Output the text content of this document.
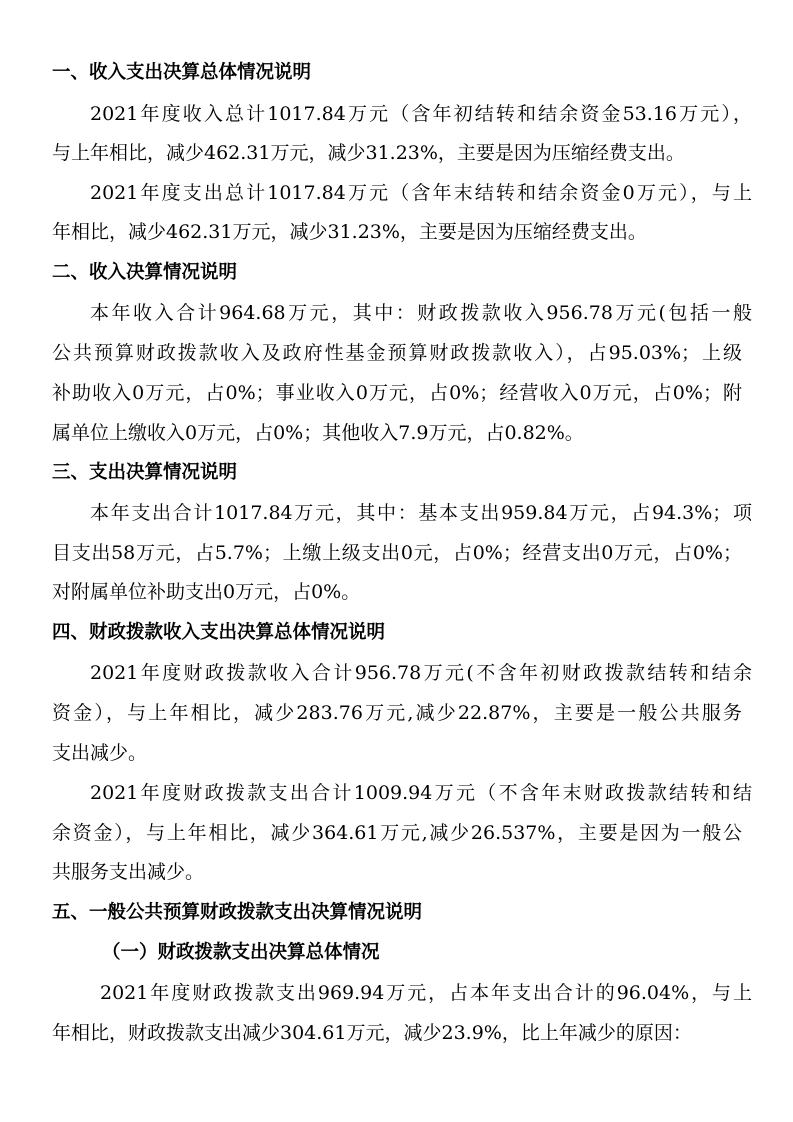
一、收入支出决算总体情况说明
2021年度收入总计1017.84万元（含年初结转和结余资金53.16万元），
与上年相比，减少462.31万元，减少31.23%，主要是因为压缩经费支出。
2021年度支出总计1017.84万元（含年末结转和结余资金0万元），与上
年相比，减少462.31万元，减少31.23%，主要是因为压缩经费支出。
二、收入决算情况说明
本年收入合计964.68万元，其中：财政拨款收入956.78万元(包括一般
公共预算财政拨款收入及政府性基金预算财政拨款收入），占95.03%；上级
补助收入0万元，占0%；事业收入0万元，占0%；经营收入0万元，占0%；附
属单位上缴收入0万元，占0%；其他收入7.9万元，占0.82%。
三、支出决算情况说明
本年支出合计1017.84万元，其中：基本支出959.84万元，占94.3%；项
目支出58万元，占5.7%；上缴上级支出0元，占0%；经营支出0万元，占0%；
对附属单位补助支出0万元，占0%。
四、财政拨款收入支出决算总体情况说明
2021年度财政拨款收入合计956.78万元(不含年初财政拨款结转和结余
资金），与上年相比，减少283.76万元,减少22.87%，主要是一般公共服务
支出减少。
2021年度财政拨款支出合计1009.94万元（不含年末财政拨款结转和结
余资金），与上年相比，减少364.61万元,减少26.537%，主要是因为一般公
共服务支出减少。
五、一般公共预算财政拨款支出决算情况说明
（一）财政拨款支出决算总体情况
2021年度财政拨款支出969.94万元，占本年支出合计的96.04%，与上
年相比，财政拨款支出减少304.61万元，减少23.9%，比上年减少的原因：
